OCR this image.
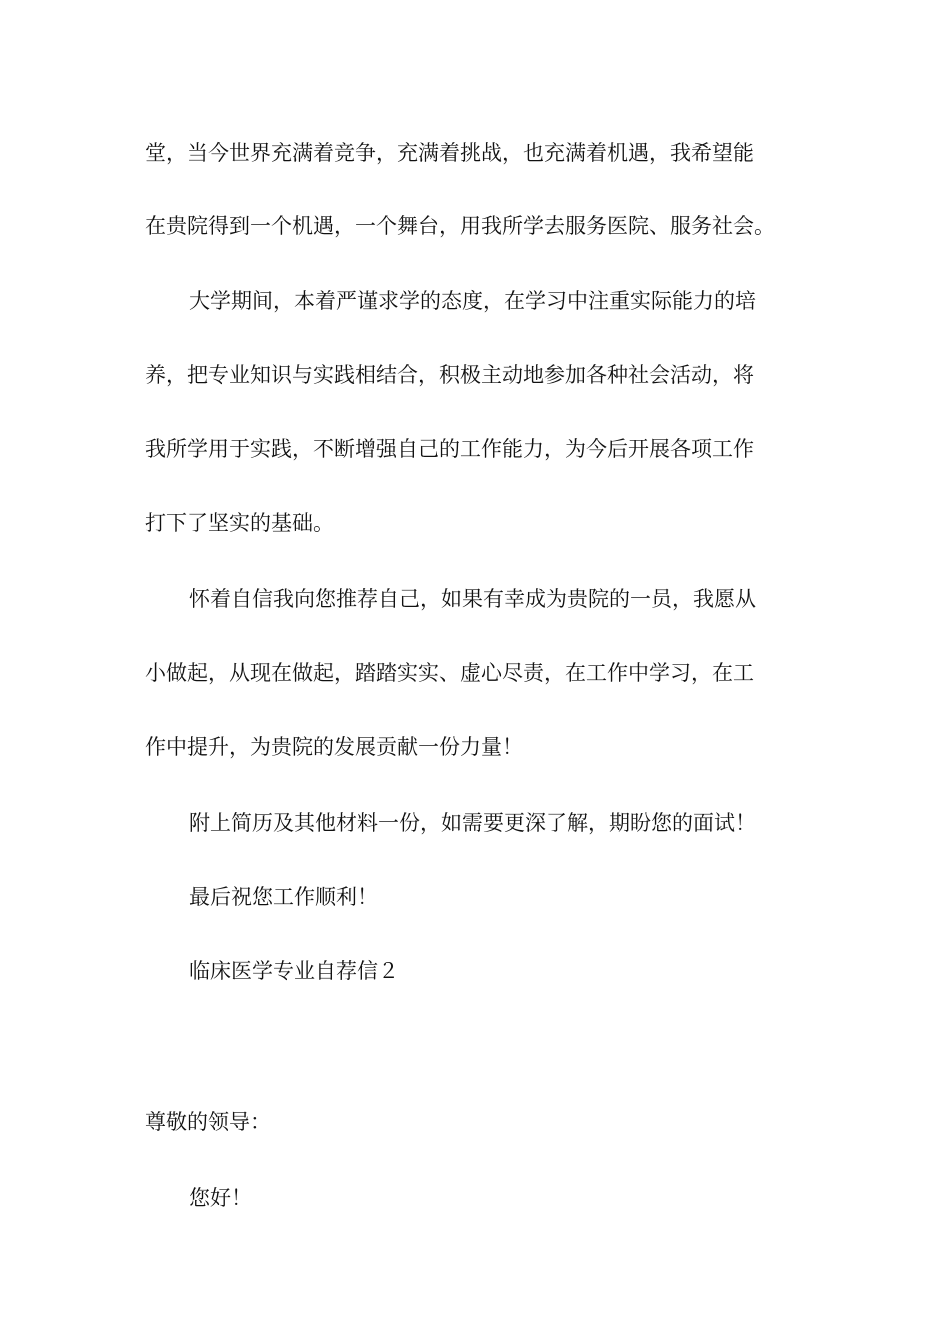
堂，当今世界充满着竞争，充满着挑战，也充满着机遇，我希望能
在贵院得到一个机遇，一个舞台，用我所学去服务医院、服务社会。
大学期间，本着严谨求学的态度，在学习中注重实际能力的培
养，把专业知识与实践相结合，积极主动地参加各种社会活动，将
我所学用于实践，不断增强自己的工作能力，为今后开展各项工作
打下了坚实的基础。
怀着自信我向您推荐自己，如果有幸成为贵院的一员，我愿从
小做起，从现在做起，踏踏实实、虚心尽责，在工作中学习，在工
作中提升，为贵院的发展贡献一份力量！
附上简历及其他材料一份，如需要更深了解，期盼您的面试！
最后祝您工作顺利！
临床医学专业自荐信２
尊敬的领导：
您好！
